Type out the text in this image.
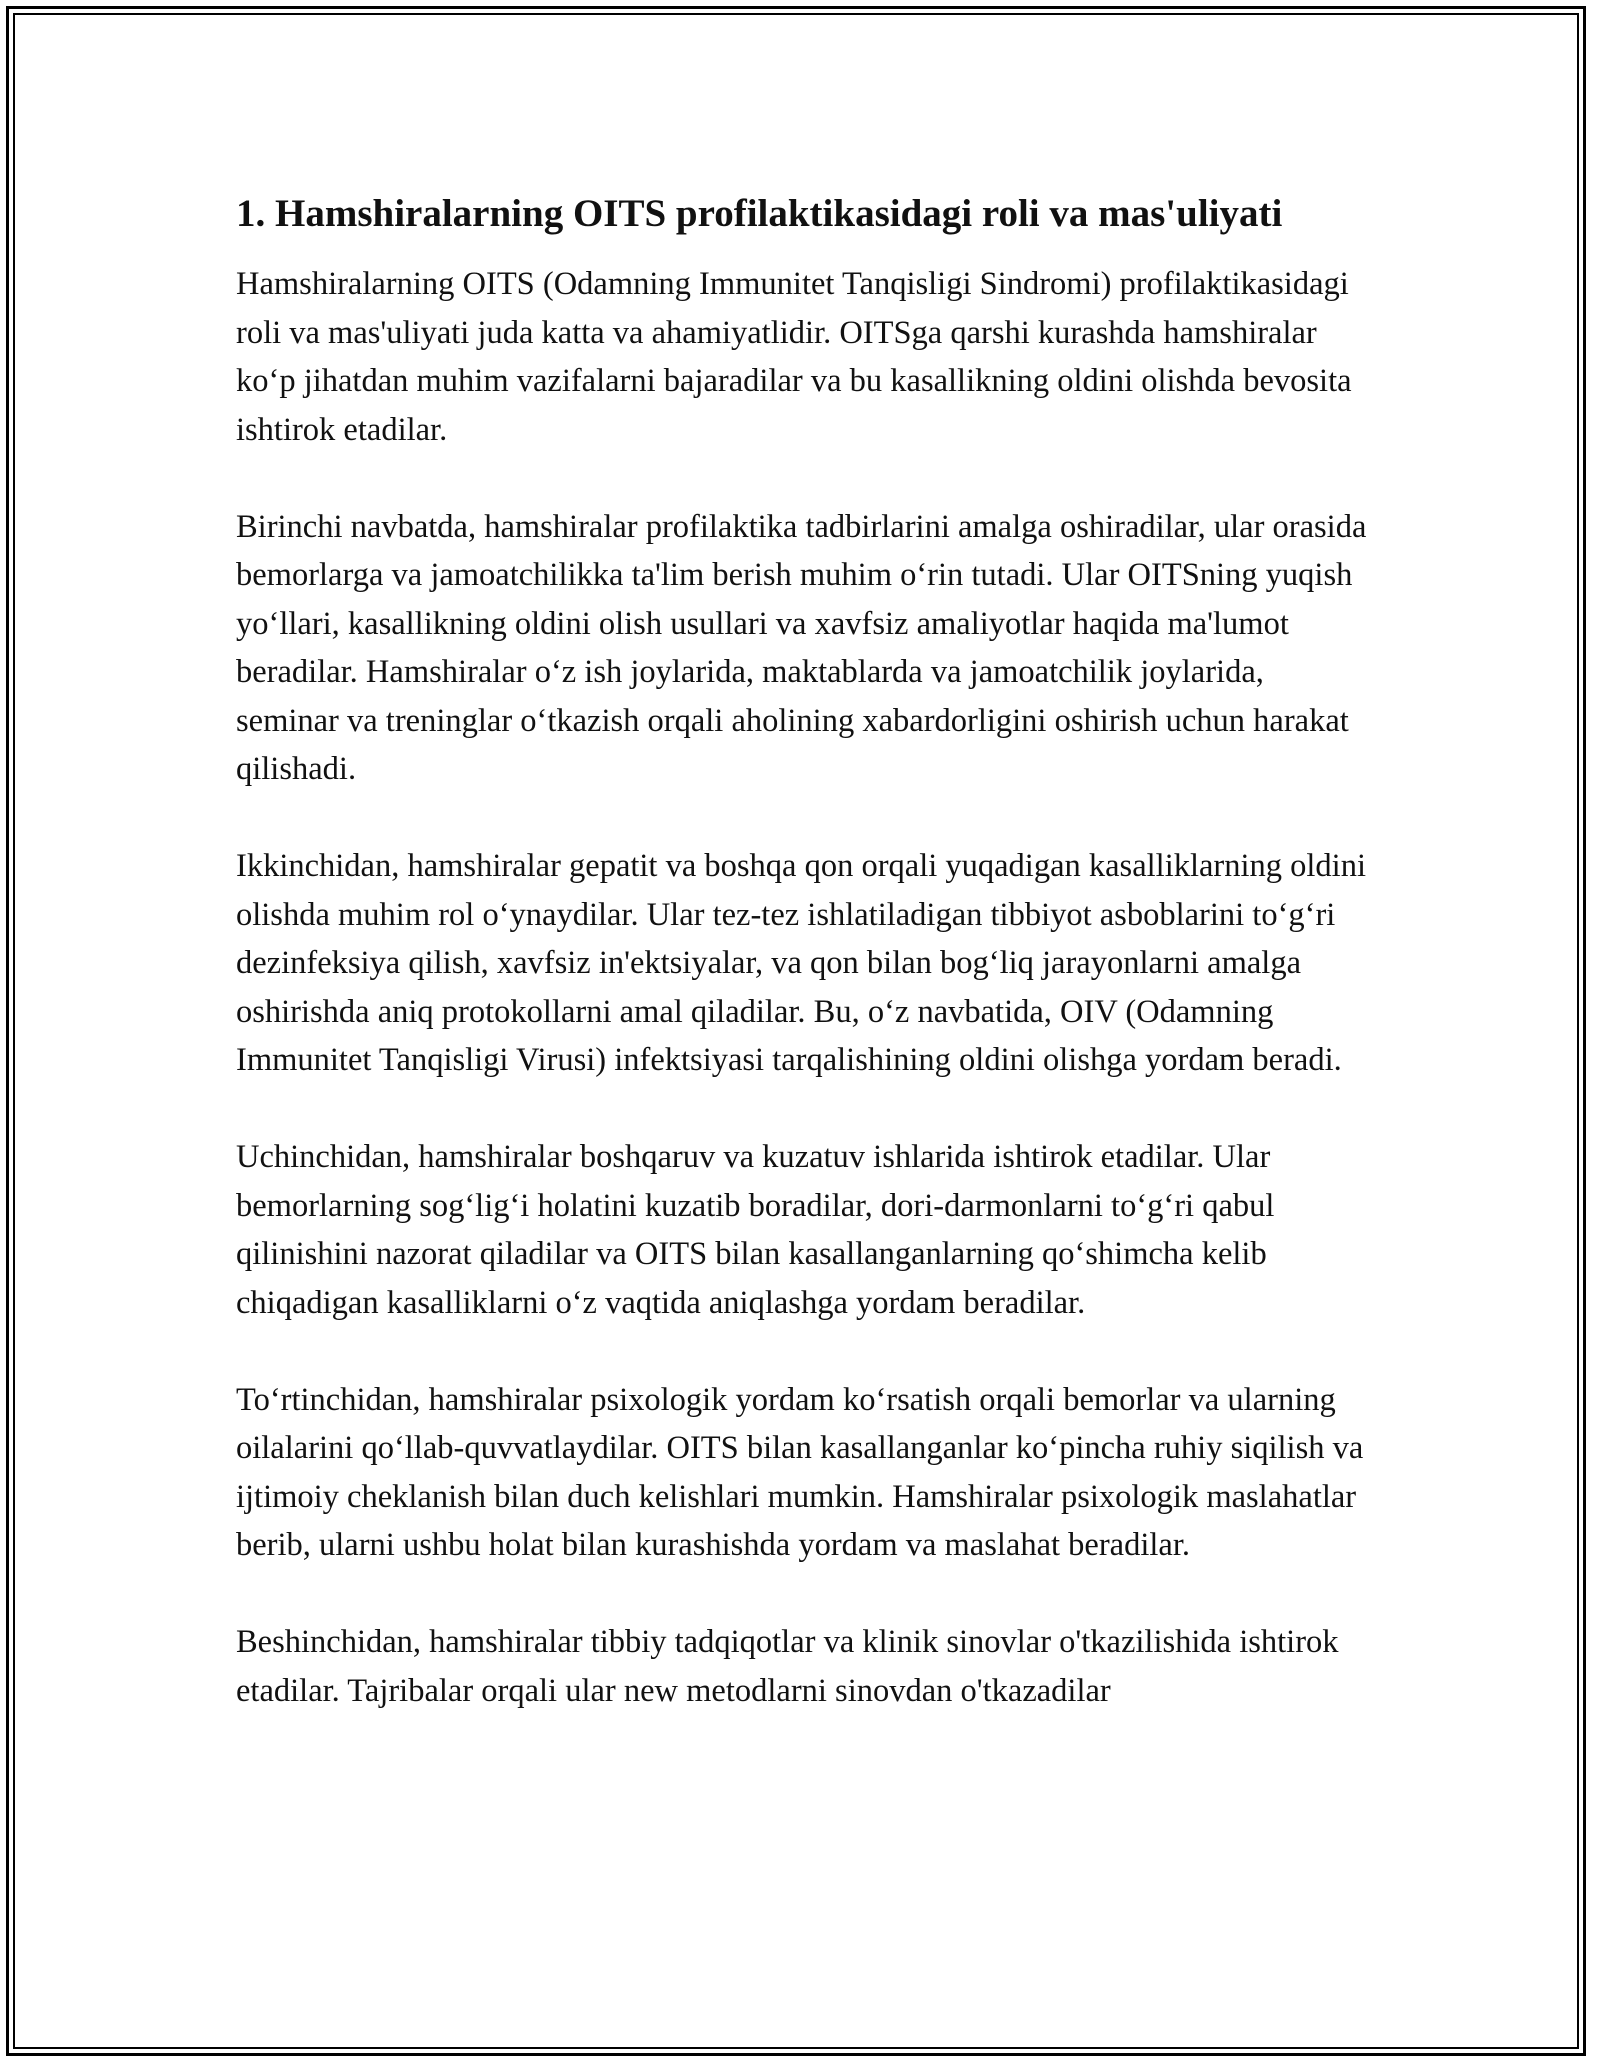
1. Hamshiralarning OITS profilaktikasidagi roli va mas'uliyati

Hamshiralarning OITS (Odamning Immunitet Tanqisligi Sindromi) profilaktikasidagi roli va mas'uliyati juda katta va ahamiyatlidir. OITSga qarshi kurashda hamshiralar koʻp jihatdan muhim vazifalarni bajaradilar va bu kasallikning oldini olishda bevosita ishtirok etadilar.

Birinchi navbatda, hamshiralar profilaktika tadbirlarini amalga oshiradilar, ular orasida bemorlarga va jamoatchilikka ta'lim berish muhim oʻrin tutadi. Ular OITSning yuqish yoʻllari, kasallikning oldini olish usullari va xavfsiz amaliyotlar haqida ma'lumot beradilar. Hamshiralar oʻz ish joylarida, maktablarda va jamoatchilik joylarida, seminar va treninglar oʻtkazish orqali aholining xabardorligini oshirish uchun harakat qilishadi.

Ikkinchidan, hamshiralar gepatit va boshqa qon orqali yuqadigan kasalliklarning oldini olishda muhim rol oʻynaydilar. Ular tez-tez ishlatiladigan tibbiyot asboblarini toʻgʻri dezinfeksiya qilish, xavfsiz in'ektsiyalar, va qon bilan bogʻliq jarayonlarni amalga oshirishda aniq protokollarni amal qiladilar. Bu, oʻz navbatida, OIV (Odamning Immunitet Tanqisligi Virusi) infektsiyasi tarqalishining oldini olishga yordam beradi.

Uchinchidan, hamshiralar boshqaruv va kuzatuv ishlarida ishtirok etadilar. Ular bemorlarning sogʻligʻi holatini kuzatib boradilar, dori-darmonlarni toʻgʻri qabul qilinishini nazorat qiladilar va OITS bilan kasallanganlarning qoʻshimcha kelib chiqadigan kasalliklarni oʻz vaqtida aniqlashga yordam beradilar.

Toʻrtinchidan, hamshiralar psixologik yordam koʻrsatish orqali bemorlar va ularning oilalarini qoʻllab-quvvatlaydilar. OITS bilan kasallanganlar koʻpincha ruhiy siqilish va ijtimoiy cheklanish bilan duch kelishlari mumkin. Hamshiralar psixologik maslahatlar berib, ularni ushbu holat bilan kurashishda yordam va maslahat beradilar.

Beshinchidan, hamshiralar tibbiy tadqiqotlar va klinik sinovlar o'tkazilishida ishtirok etadilar. Tajribalar orqali ular new metodlarni sinovdan o'tkazadilar
